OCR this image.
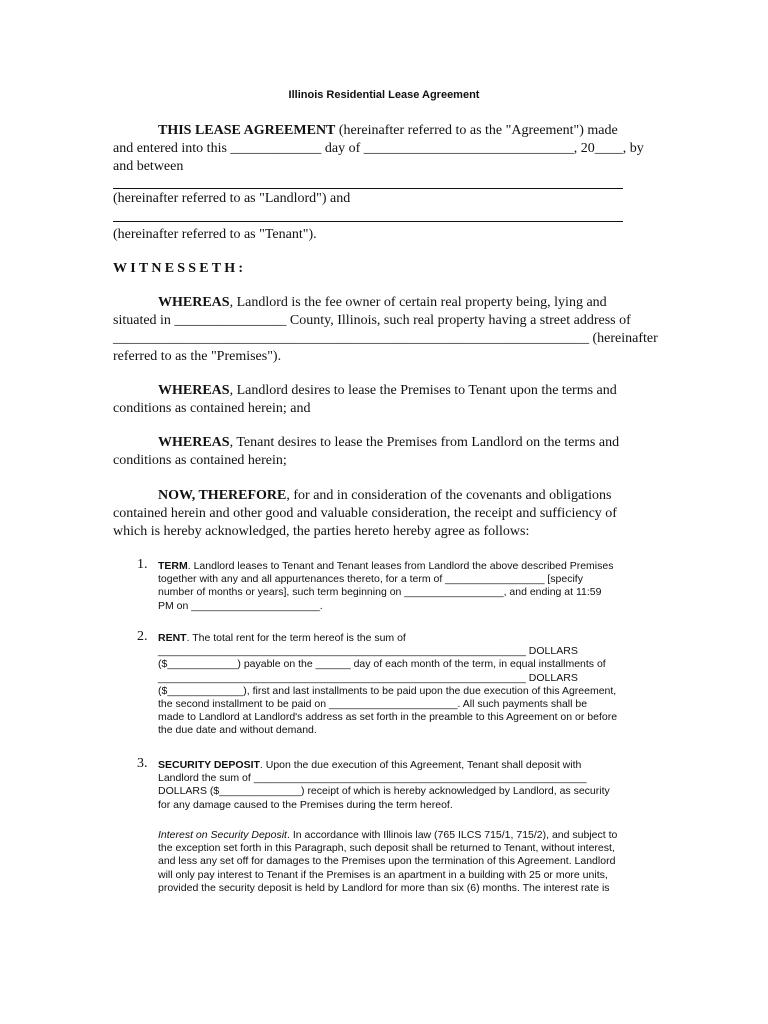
Illinois Residential Lease Agreement

THIS LEASE AGREEMENT (hereinafter referred to as the "Agreement") made
and entered into this _____________ day of ______________________________, 20____, by
and between

(hereinafter referred to as "Landlord") and
(hereinafter referred to as "Tenant").
WITNESSETH:

WHEREAS, Landlord is the fee owner of certain real property being, lying and
situated in ________________ County, Illinois, such real property having a street address of
____________________________________________________________________ (hereinafter
referred to as the "Premises").

WHEREAS, Landlord desires to lease the Premises to Tenant upon the terms and
conditions as contained herein; and

WHEREAS, Tenant desires to lease the Premises from Landlord on the terms and
conditions as contained herein;

NOW, THEREFORE, for and in consideration of the covenants and obligations
contained herein and other good and valuable consideration, the receipt and sufficiency of
which is hereby acknowledged, the parties hereto hereby agree as follows:

1. TERM. Landlord leases to Tenant and Tenant leases from Landlord the above described Premises
together with any and all appurtenances thereto, for a term of _________________ [specify
number of months or years], such term beginning on _________________, and ending at 11:59
PM on ______________________.

2. RENT. The total rent for the term hereof is the sum of
_______________________________________________________________ DOLLARS
($____________) payable on the ______ day of each month of the term, in equal installments of
_______________________________________________________________ DOLLARS
($_____________), first and last installments to be paid upon the due execution of this Agreement,
the second installment to be paid on ______________________. All such payments shall be
made to Landlord at Landlord's address as set forth in the preamble to this Agreement on or before
the due date and without demand.

3. SECURITY DEPOSIT. Upon the due execution of this Agreement, Tenant shall deposit with
Landlord the sum of _________________________________________________________
DOLLARS ($______________) receipt of which is hereby acknowledged by Landlord, as security
for any damage caused to the Premises during the term hereof.

Interest on Security Deposit. In accordance with Illinois law (765 ILCS 715/1, 715/2), and subject to
the exception set forth in this Paragraph, such deposit shall be returned to Tenant, without interest,
and less any set off for damages to the Premises upon the termination of this Agreement. Landlord
will only pay interest to Tenant if the Premises is an apartment in a building with 25 or more units,
provided the security deposit is held by Landlord for more than six (6) months. The interest rate is
